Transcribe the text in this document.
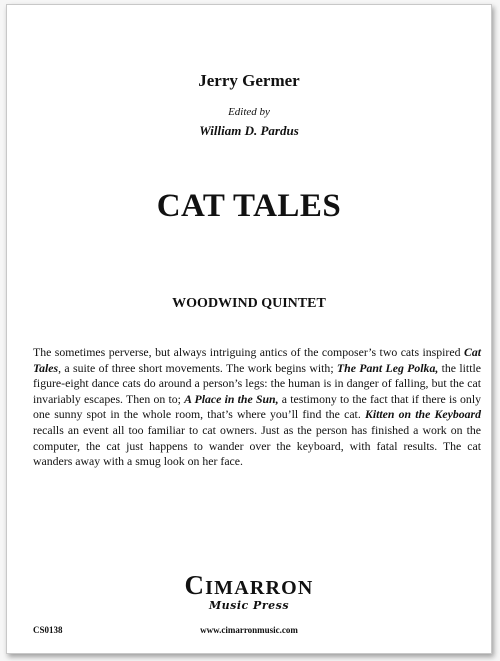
Jerry Germer
Edited by
William D. Pardus
CAT TALES
WOODWIND QUINTET

The sometimes perverse, but always intriguing antics of the composer’s two cats inspired Cat Tales, a suite of three short movements. The work begins with; The Pant Leg Polka, the little figure-eight dance cats do around a person’s legs: the human is in danger of falling, but the cat invariably escapes. Then on to; A Place in the Sun, a testimony to the fact that if there is only one sunny spot in the whole room, that’s where you’ll find the cat. Kitten on the Keyboard recalls an event all too familiar to cat owners. Just as the person has finished a work on the computer, the cat just happens to wander over the keyboard, with fatal results. The cat wanders away with a smug look on her face.

CIMARRON
Music Press
CS0138	www.cimarronmusic.com
